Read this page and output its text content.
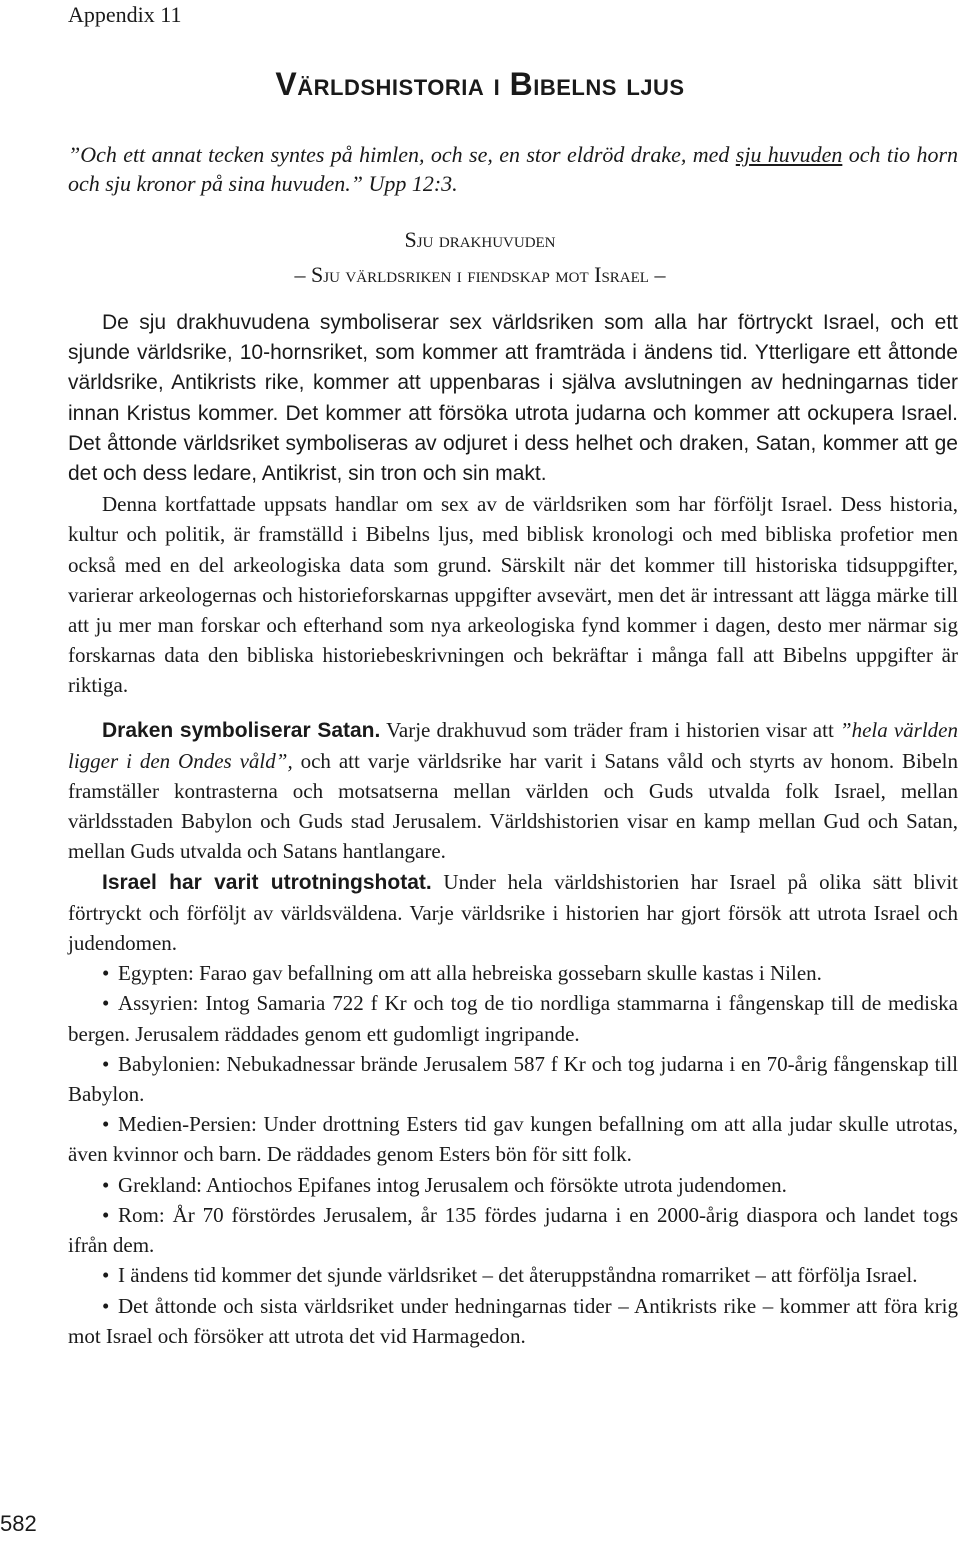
Appendix 11
Världshistoria i Bibelns ljus
”Och ett annat tecken syntes på himlen, och se, en stor eldröd drake, med sju huvuden och tio horn och sju kronor på sina huvuden.” Upp 12:3.
Sju drakhuvuden
– Sju världsriken i fiendskap mot Israel –

De sju drakhuvudena symboliserar sex världsriken som alla har förtryckt Israel, och ett sjunde världsrike, 10-hornsriket, som kommer att framträda i ändens tid. Ytterligare ett åttonde världsrike, Antikrists rike, kommer att uppenbaras i själva avslutningen av hedningarnas tider innan Kristus kommer. Det kommer att försöka utrota judarna och kommer att ockupera Israel. Det åttonde världsriket symboliseras av odjuret i dess helhet och draken, Satan, kommer att ge det och dess ledare, Antikrist, sin tron och sin makt.

Denna kortfattade uppsats handlar om sex av de världsriken som har förföljt Israel. Dess historia, kultur och politik, är framställd i Bibelns ljus, med biblisk kronologi och med bibliska profetior men också med en del arkeologiska data som grund. Särskilt när det kommer till historiska tidsuppgifter, varierar arkeologernas och historieforskarnas uppgifter avsevärt, men det är intressant att lägga märke till att ju mer man forskar och efterhand som nya arkeologiska fynd kommer i dagen, desto mer närmar sig forskarnas data den bibliska historiebeskrivningen och bekräftar i många fall att Bibelns uppgifter är riktiga.

Draken symboliserar Satan. Varje drakhuvud som träder fram i historien visar att ”hela världen ligger i den Ondes våld”, och att varje världsrike har varit i Satans våld och styrts av honom. Bibeln framställer kontrasterna och motsatserna mellan världen och Guds utvalda folk Israel, mellan världsstaden Babylon och Guds stad Jerusalem. Världshistorien visar en kamp mellan Gud och Satan, mellan Guds utvalda och Satans hantlangare.

Israel har varit utrotningshotat. Under hela världshistorien har Israel på olika sätt blivit förtryckt och förföljt av världsväldena. Varje världsrike i historien har gjort försök att utrota Israel och judendomen.

• Egypten: Farao gav befallning om att alla hebreiska gossebarn skulle kastas i Nilen.

• Assyrien: Intog Samaria 722 f Kr och tog de tio nordliga stammarna i fångenskap till de mediska bergen. Jerusalem räddades genom ett gudomligt ingripande.

• Babylonien: Nebukadnessar brände Jerusalem 587 f Kr och tog judarna i en 70-årig fångenskap till Babylon.

• Medien-Persien: Under drottning Esters tid gav kungen befallning om att alla judar skulle utrotas, även kvinnor och barn. De räddades genom Esters bön för sitt folk.

• Grekland: Antiochos Epifanes intog Jerusalem och försökte utrota judendomen.

• Rom: År 70 förstördes Jerusalem, år 135 fördes judarna i en 2000-årig diaspora och landet togs ifrån dem.

• I ändens tid kommer det sjunde världsriket – det återuppståndna romarriket – att förfölja Israel.

• Det åttonde och sista världsriket under hedningarnas tider – Antikrists rike – kommer att föra krig mot Israel och försöker att utrota det vid Harmagedon.

582
